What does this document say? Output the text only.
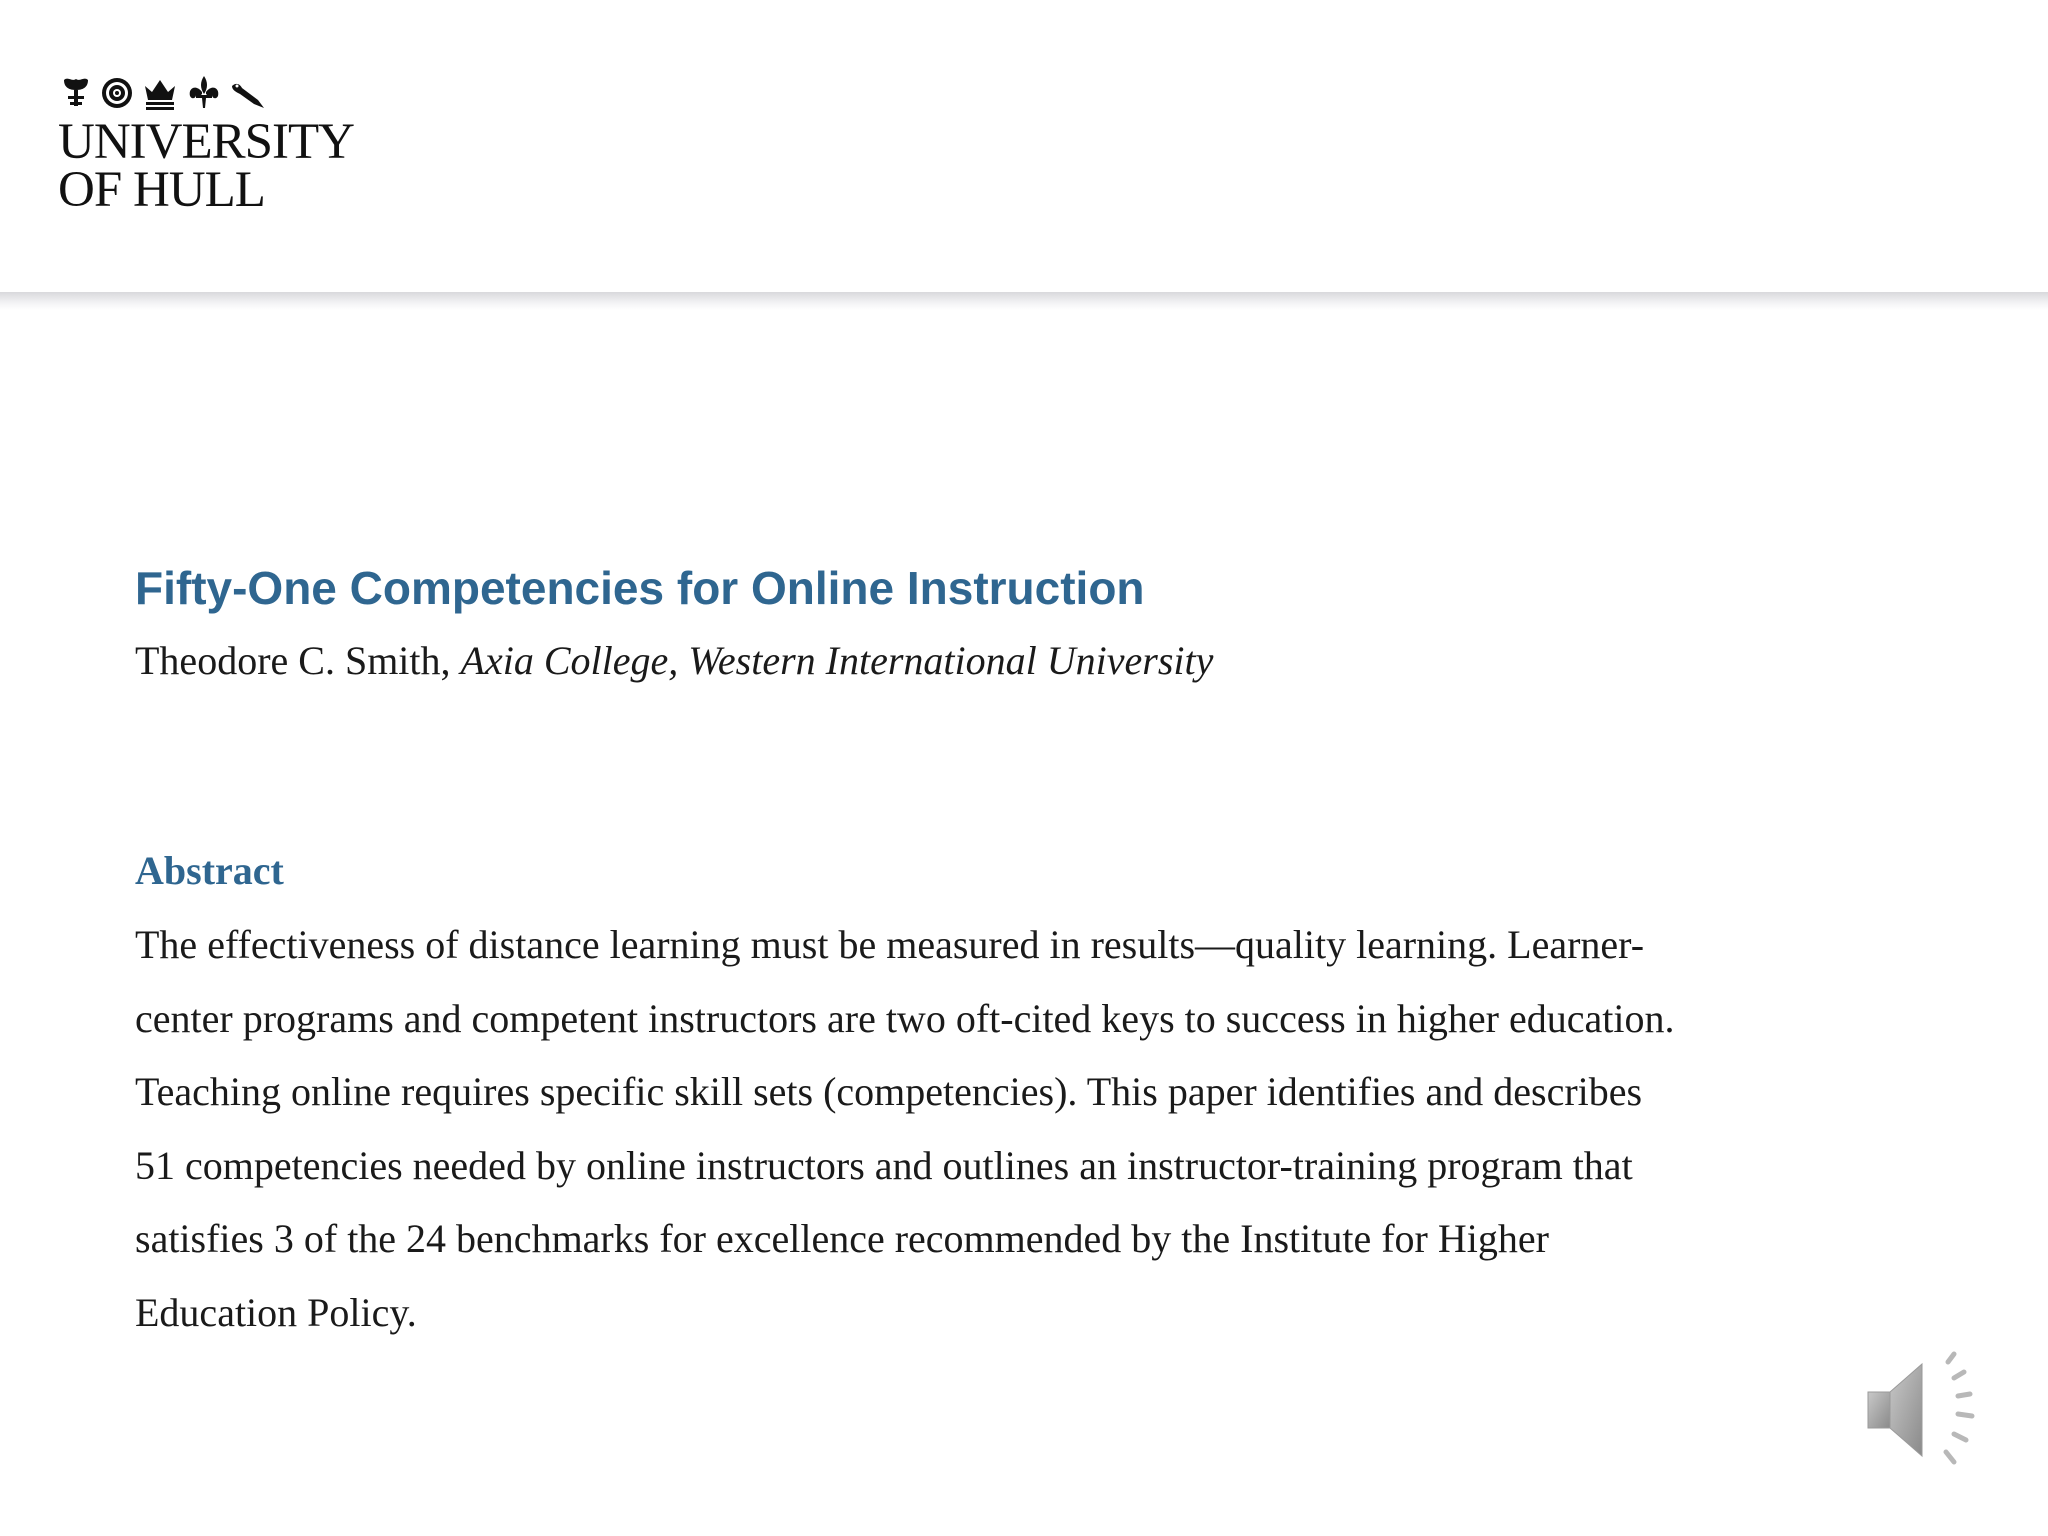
UNIVERSITY
OF HULL
Fifty-One Competencies for Online Instruction
Theodore C. Smith, Axia College, Western International University
Abstract
The effectiveness of distance learning must be measured in results—quality learning. Learner-
center programs and competent instructors are two oft-cited keys to success in higher education.
Teaching online requires specific skill sets (competencies). This paper identifies and describes
51 competencies needed by online instructors and outlines an instructor-training program that
satisfies 3 of the 24 benchmarks for excellence recommended by the Institute for Higher
Education Policy.
